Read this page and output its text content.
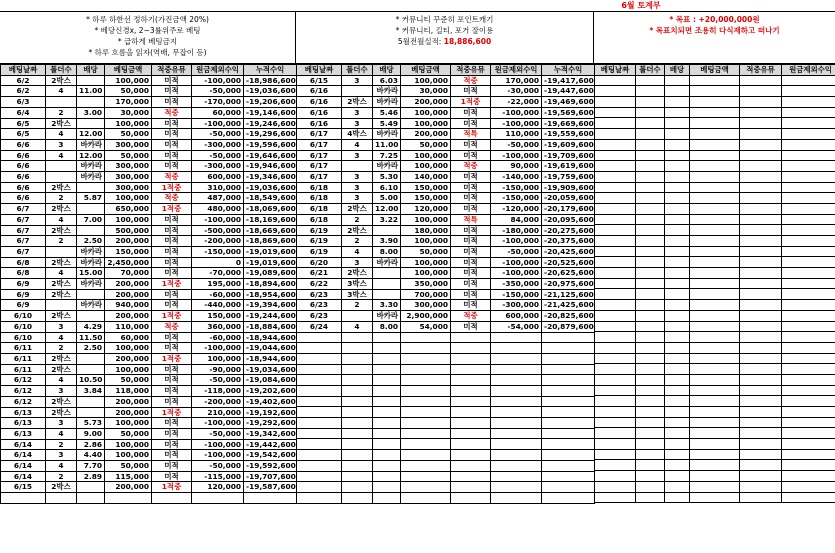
6월 토계부
* 하루 하한선 정하기(가진금액 20%)
* 베당신경x, 2~3률위주로 베팅
* 급하게 베팅금지
* 하루 흐름을 읽자(역배, 무잡이 등)
* 커뮤니티 꾸준히 포인트캐기
* 커뮤니티, 길티, 포거 잘이용
5월전월실적: 18,886,600
* 목표 : +20,000,000원
* 목표치되면 조용히 다식재하고 떠나기
베팅날짜	폴더수	배당	베팅금액	적중유뮤	원금제외수익	누적수익
6/2	2박스		100,000	미적	-100,000	-18,986,600
6/2	4	11.00	50,000	미적	-50,000	-19,036,600
6/3			170,000	미적	-170,000	-19,206,600
6/4	2	3.00	30,000	적중	60,000	-19,146,600
6/5	2박스		100,000	미적	-100,000	-19,246,600
6/5	4	12.00	50,000	미적	-50,000	-19,296,600
6/6	3	바카라	300,000	미적	-300,000	-19,596,600
6/6	4	12.00	50,000	미적	-50,000	-19,646,600
6/6		바카라	300,000	미적	-300,000	-19,946,600
6/6		바카라	300,000	적중	600,000	-19,346,600
6/6	2박스		300,000	1적중	310,000	-19,036,600
6/6	2	5.87	100,000	적중	487,000	-18,549,600
6/7	2박스		650,000	1적중	480,000	-18,069,600
6/7	4	7.00	100,000	미적	-100,000	-18,169,600
6/7	2박스		500,000	미적	-500,000	-18,669,600
6/7	2	2.50	200,000	미적	-200,000	-18,869,600
6/7		바카라	150,000	미적	-150,000	-19,019,600
6/8	2박스	바카라	2,450,000	미적	0	-19,019,600
6/8	4	15.00	70,000	미적	-70,000	-19,089,600
6/9	2박스	바카라	200,000	1적중	195,000	-18,894,600
6/9	2박스		200,000	미적	-60,000	-18,954,600
6/9		바카라	940,000	미적	-440,000	-19,394,600
6/10	2박스		200,000	1적중	150,000	-19,244,600
6/10	3	4.29	110,000	적중	360,000	-18,884,600
6/10	4	11.50	60,000	미적	-60,000	-18,944,600
6/11	2	2.50	100,000	미적	-100,000	-19,044,600
6/11	2박스		200,000	1적중	100,000	-18,944,600
6/11	2박스		100,000	미적	-90,000	-19,034,600
6/12	4	10.50	50,000	미적	-50,000	-19,084,600
6/12	3	3.84	118,000	미적	-118,000	-19,202,600
6/12	2박스		200,000	미적	-200,000	-19,402,600
6/13	2박스		200,000	1적중	210,000	-19,192,600
6/13	3	5.73	100,000	미적	-100,000	-19,292,600
6/13	4	9.00	50,000	미적	-50,000	-19,342,600
6/14	2	2.86	100,000	미적	-100,000	-19,442,600
6/14	3	4.40	100,000	미적	-100,000	-19,542,600
6/14	4	7.70	50,000	미적	-50,000	-19,592,600
6/14	2	2.89	115,000	미적	-115,000	-19,707,600
6/15	2박스		200,000	1적중	120,000	-19,587,600

베팅날짜	폴더수	배당	베팅금액	적중유뮤	원금제외수익	누적수익
6/15	3	6.03	100,000	적중	170,000	-19,417,600
6/16		바카라	30,000	미적	-30,000	-19,447,600
6/16	2박스	바카라	200,000	1적중	-22,000	-19,469,600
6/16	3	5.46	100,000	미적	-100,000	-19,569,600
6/16	3	5.49	100,000	미적	-100,000	-19,669,600
6/17	4박스	바카라	200,000	적특	110,000	-19,559,600
6/17	4	11.00	50,000	미적	-50,000	-19,609,600
6/17	3	7.25	100,000	미적	-100,000	-19,709,600
6/17		바카라	100,000	적중	90,000	-19,619,600
6/17	3	5.30	140,000	미적	-140,000	-19,759,600
6/18	3	6.10	150,000	미적	-150,000	-19,909,600
6/18	3	5.00	150,000	미적	-150,000	-20,059,600
6/18	2박스	12.00	120,000	미적	-120,000	-20,179,600
6/18	2	3.22	100,000	적특	84,000	-20,095,600
6/19	2박스		180,000	미적	-180,000	-20,275,600
6/19	2	3.90	100,000	미적	-100,000	-20,375,600
6/19	4	8.00	50,000	미적	-50,000	-20,425,600
6/20	3	바카라	100,000	미적	-100,000	-20,525,600
6/21	2박스		100,000	미적	-100,000	-20,625,600
6/22	3박스		350,000	미적	-350,000	-20,975,600
6/23	3박스		700,000	미적	-150,000	-21,125,600
6/23	2	3.30	300,000	미적	-300,000	-21,425,600
6/23		바카라	2,900,000	적중	600,000	-20,825,600
6/24	4	8.00	54,000	미적	-54,000	-20,879,600

베팅날짜	폴더수	배당	베팅금액	적중유뮤	원금제외수익
